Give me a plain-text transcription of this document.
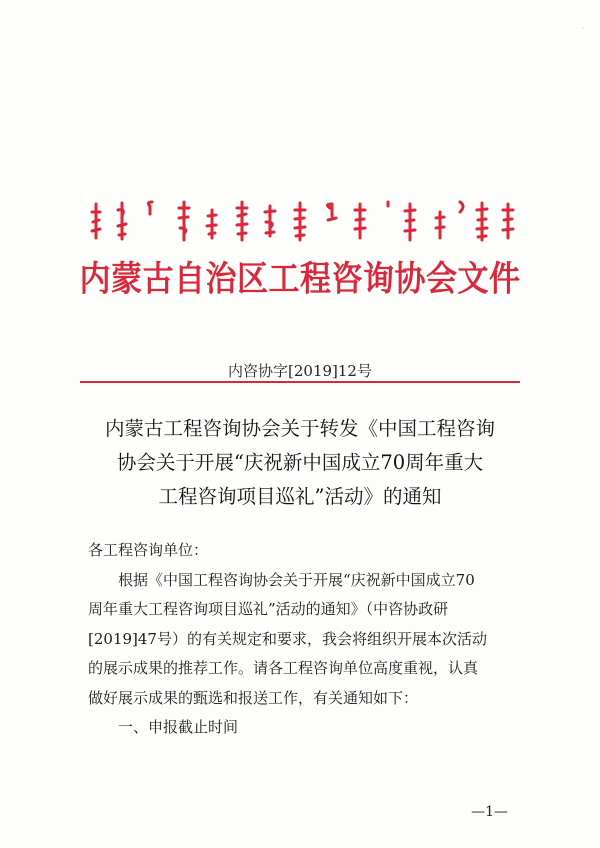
·
内蒙古自治区工程咨询协会文件
内咨协字[2019]12号
内蒙古工程咨询协会关于转发《中国工程咨询
协会关于开展“庆祝新中国成立70周年重大
工程咨询项目巡礼”活动》的通知
各工程咨询单位：
根据《中国工程咨询协会关于开展“庆祝新中国成立70
周年重大工程咨询项目巡礼”活动的通知》（中咨协政研
[2019]47号）的有关规定和要求，我会将组织开展本次活动
的展示成果的推荐工作。请各工程咨询单位高度重视，认真
做好展示成果的甄选和报送工作，有关通知如下：
一、申报截止时间
—1—
